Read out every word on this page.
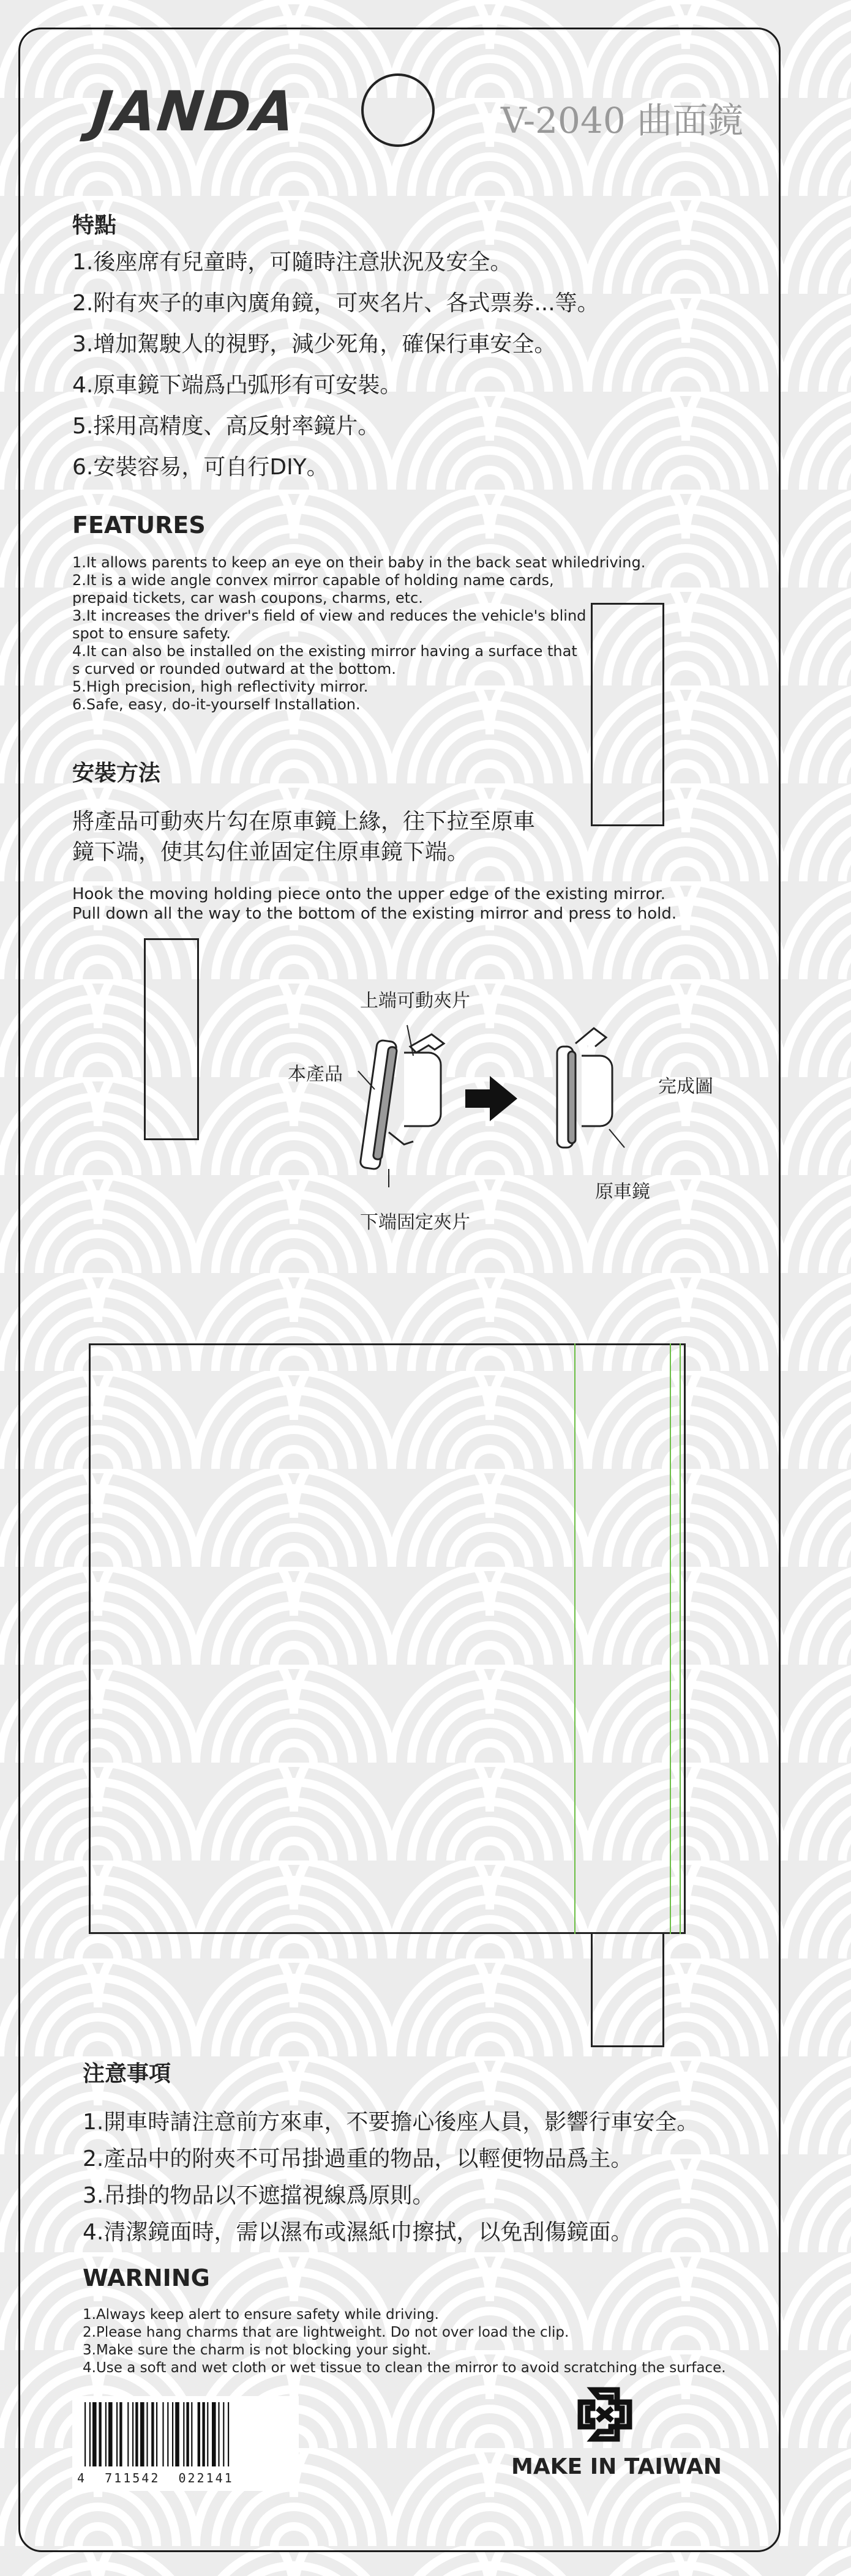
JANDA	V-2040 曲面鏡
特點
1.後座席有兒童時，可隨時注意狀況及安全。
2.附有夾子的車內廣角鏡，可夾名片、各式票劵...等。
3.增加駕駛人的視野，減少死角，確保行車安全。
4.原車鏡下端爲凸弧形有可安裝。
5.採用高精度、高反射率鏡片。
6.安裝容易，可自行DIY。
FEATURES
1.It allows parents to keep an eye on their baby in the back seat whiledriving.
2.It is a wide angle convex mirror capable of holding name cards,
prepaid tickets, car wash coupons, charms, etc.
3.It increases the driver's field of view and reduces the vehicle's blind
spot to ensure safety.
4.It can also be installed on the existing mirror having a surface that
s curved or rounded outward at the bottom.
5.High precision, high reflectivity mirror.
6.Safe, easy, do-it-yourself Installation.
安裝方法
將產品可動夾片勾在原車鏡上緣，往下拉至原車
鏡下端，使其勾住並固定住原車鏡下端。
Hook the moving holding piece onto the upper edge of the existing mirror.
Pull down all the way to the bottom of the existing mirror and press to hold.
上端可動夾片
本產品
完成圖
原車鏡
下端固定夾片
注意事項
1.開車時請注意前方來車，不要擔心後座人員，影響行車安全。
2.產品中的附夾不可吊掛過重的物品，以輕便物品爲主。
3.吊掛的物品以不遮擋視線爲原則。
4.清潔鏡面時，需以濕布或濕紙巾擦拭，以免刮傷鏡面。
WARNING
1.Always keep alert to ensure safety while driving.
2.Please hang charms that are lightweight. Do not over load the clip.
3.Make sure the charm is not blocking your sight.
4.Use a soft and wet cloth or wet tissue to clean the mirror to avoid scratching the surface.
4  711542  022141	MAKE IN TAIWAN
